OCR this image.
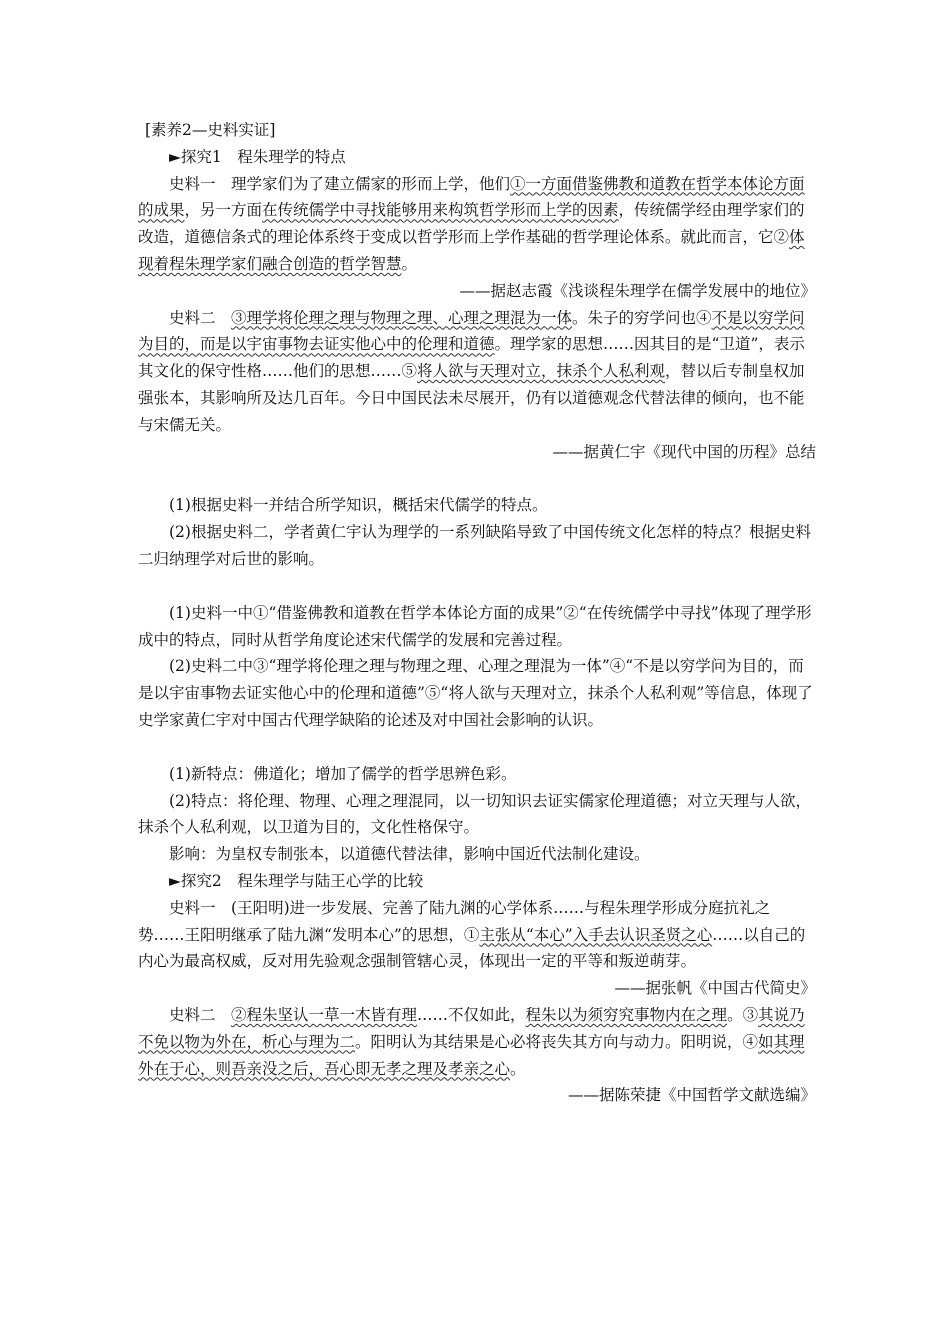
[素养2—史料实证]

►探究1　程朱理学的特点

史料一　理学家们为了建立儒家的形而上学，他们①一方面借鉴佛教和道教在哲学本体论方面的成果，另一方面在传统儒学中寻找能够用来构筑哲学形而上学的因素，传统儒学经由理学家们的改造，道德信条式的理论体系终于变成以哲学形而上学作基础的哲学理论体系。就此而言，它②体现着程朱理学家们融合创造的哲学智慧。

——据赵志霞《浅谈程朱理学在儒学发展中的地位》

史料二　③理学将伦理之理与物理之理、心理之理混为一体。朱子的穷学问也④不是以穷学问为目的，而是以宇宙事物去证实他心中的伦理和道德。理学家的思想……因其目的是“卫道”，表示其文化的保守性格……他们的思想……⑤将人欲与天理对立，抹杀个人私利观，替以后专制皇权加强张本，其影响所及达几百年。今日中国民法未尽展开，仍有以道德观念代替法律的倾向，也不能与宋儒无关。

——据黄仁宇《现代中国的历程》总结

(1)根据史料一并结合所学知识，概括宋代儒学的特点。

(2)根据史料二，学者黄仁宇认为理学的一系列缺陷导致了中国传统文化怎样的特点？根据史料二归纳理学对后世的影响。

(1)史料一中①“借鉴佛教和道教在哲学本体论方面的成果”②“在传统儒学中寻找”体现了理学形成中的特点，同时从哲学角度论述宋代儒学的发展和完善过程。

(2)史料二中③“理学将伦理之理与物理之理、心理之理混为一体”④“不是以穷学问为目的，而是以宇宙事物去证实他心中的伦理和道德”⑤“将人欲与天理对立，抹杀个人私利观”等信息，体现了史学家黄仁宇对中国古代理学缺陷的论述及对中国社会影响的认识。

(1)新特点：佛道化；增加了儒学的哲学思辨色彩。

(2)特点：将伦理、物理、心理之理混同，以一切知识去证实儒家伦理道德；对立天理与人欲，抹杀个人私利观，以卫道为目的，文化性格保守。

影响：为皇权专制张本，以道德代替法律，影响中国近代法制化建设。

►探究2　程朱理学与陆王心学的比较

史料一　(王阳明)进一步发展、完善了陆九渊的心学体系……与程朱理学形成分庭抗礼之势……王阳明继承了陆九渊“发明本心”的思想，①主张从“本心”入手去认识圣贤之心……以自己的内心为最高权威，反对用先验观念强制管辖心灵，体现出一定的平等和叛逆萌芽。

——据张帆《中国古代简史》

史料二　②程朱坚认一草一木皆有理……不仅如此，程朱以为须穷究事物内在之理。③其说乃不免以物为外在，析心与理为二。阳明认为其结果是心必将丧失其方向与动力。阳明说，④如其理外在于心，则吾亲没之后，吾心即无孝之理及孝亲之心。

——据陈荣捷《中国哲学文献选编》
